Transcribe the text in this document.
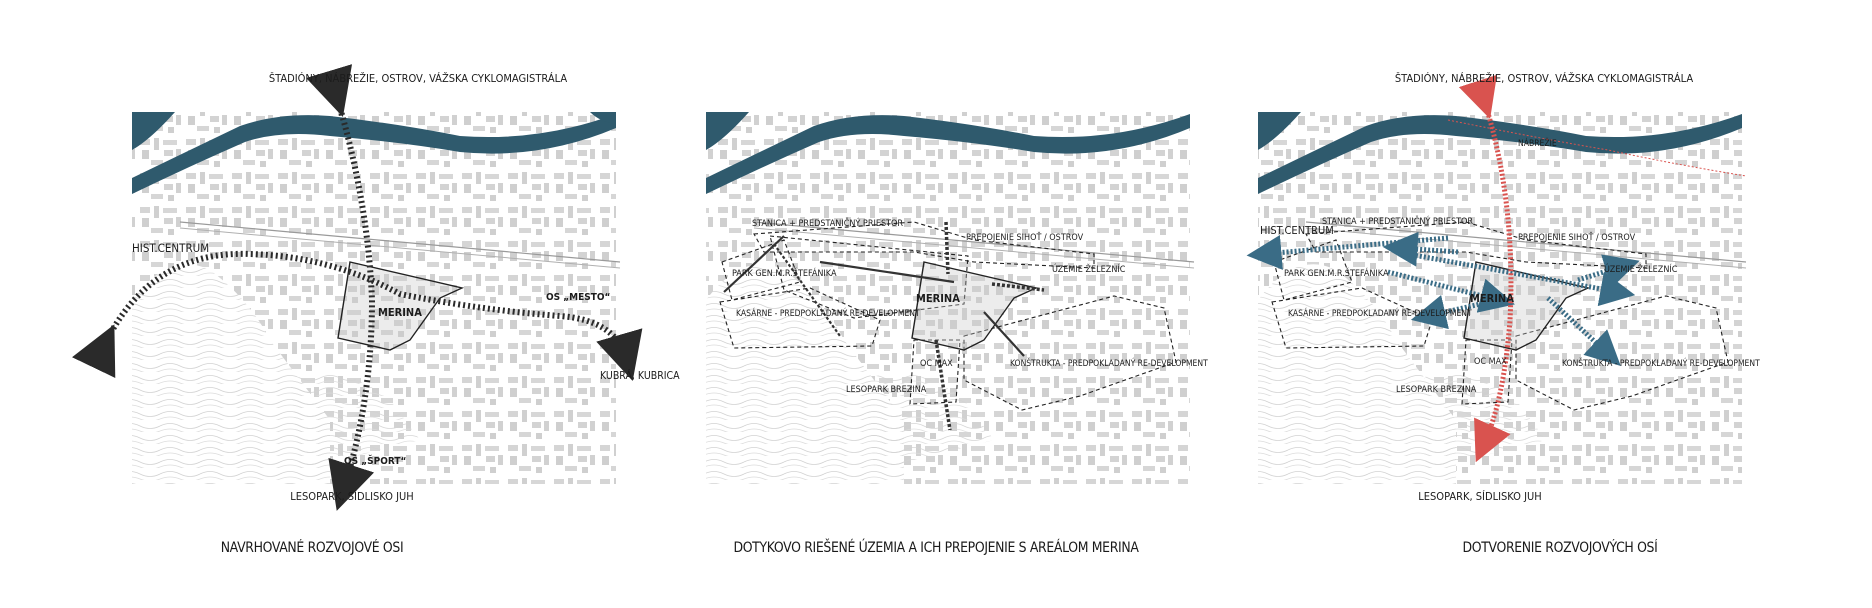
ŠTADIÓNY, NÁBREŽIE, OSTROV, VÁŽSKA CYKLOMAGISTRÁLA
HIST.CENTRUM
MERINA
OS „MESTO“
KUBRÁ, KUBRICA
OS „ŠPORT“
LESOPARK, SÍDLISKO JUH
NAVRHOVANÉ ROZVOJOVÉ OSI
STANICA + PREDSTANIČNÝ PRIESTOR
PREPOJENIE SIHOŤ / OSTROV
ÚZEMIE ŽELEZNÍC
PARK GEN.M.R.ŠTEFÁNIKA
MERINA
KASÁRNE - PREDPOKLADANÝ RE-DEVELOPMENT
OC MAX	KONŠTRUKTA - PREDPOKLADANÝ RE-DEVELOPMENT
LESOPARK BREZINA
DOTYKOVO RIEŠENÉ ÚZEMIA A ICH PREPOJENIE S AREÁLOM MERINA
ŠTADIÓNY, NÁBREŽIE, OSTROV, VÁŽSKA CYKLOMAGISTRÁLA
NÁBREŽIE
HIST.CENTRUM
STANICA + PREDSTANIČNÝ PRIESTOR
PREPOJENIE SIHOŤ / OSTROV
ÚZEMIE ŽELEZNÍC
PARK GEN.M.R.ŠTEFÁNIKA
MERINA
KASÁRNE - PREDPOKLADANÝ RE-DEVELOPMENT
OC MAX	KONŠTRUKTA - PREDPOKLADANÝ RE-DEVELOPMENT
LESOPARK BREZINA
LESOPARK, SÍDLISKO JUH
DOTVORENIE ROZVOJOVÝCH OSÍ
